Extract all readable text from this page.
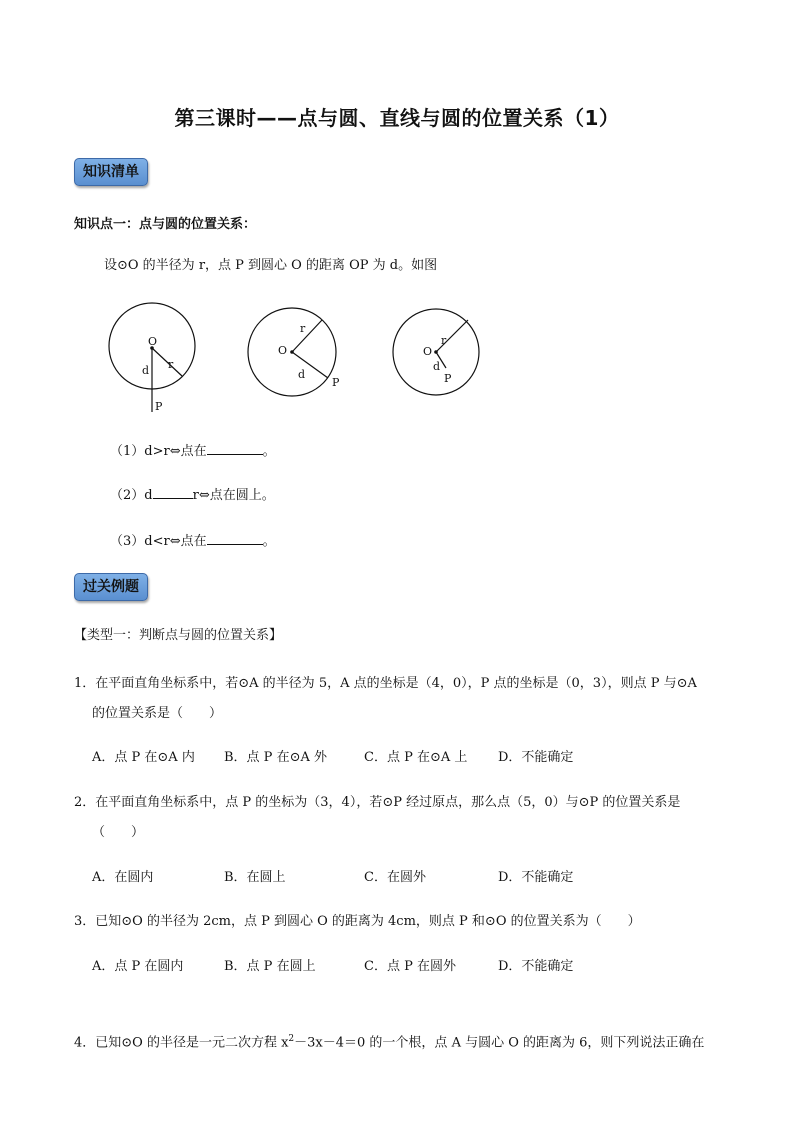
第三课时——点与圆、直线与圆的位置关系（1）
知识清单
知识点一：点与圆的位置关系：
设⊙O 的半径为 r，点 P 到圆心 O 的距离 OP 为 d。如图
O
r
d
P
O
r
d
P
O
r
d
P
（1）d>r⇔点在	。
（2）d	r⇔点在圆上。
（3）d<r⇔点在	。
过关例题
【类型一：判断点与圆的位置关系】
1．在平面直角坐标系中，若⊙A 的半径为 5，A 点的坐标是（4，0），P 点的坐标是（0，3），则点 P 与⊙A
的位置关系是（　　）
A．点 P 在⊙A 内 B．点 P 在⊙A 外	C．点 P 在⊙A 上 D．不能确定
2．在平面直角坐标系中，点 P 的坐标为（3，4），若⊙P 经过原点，那么点（5，0）与⊙P 的位置关系是
（　　）
A．在圆内	B．在圆上	C．在圆外	D．不能确定
3．已知⊙O 的半径为 2cm，点 P 到圆心 O 的距离为 4cm，则点 P 和⊙O 的位置关系为（　　）
A．点 P 在圆内	B．点 P 在圆上	C．点 P 在圆外	D．不能确定
4．已知⊙O 的半径是一元二次方程 $x^2-3x-4=0$ 的一个根，点 A 与圆心 O 的距离为 6，则下列说法正确在
